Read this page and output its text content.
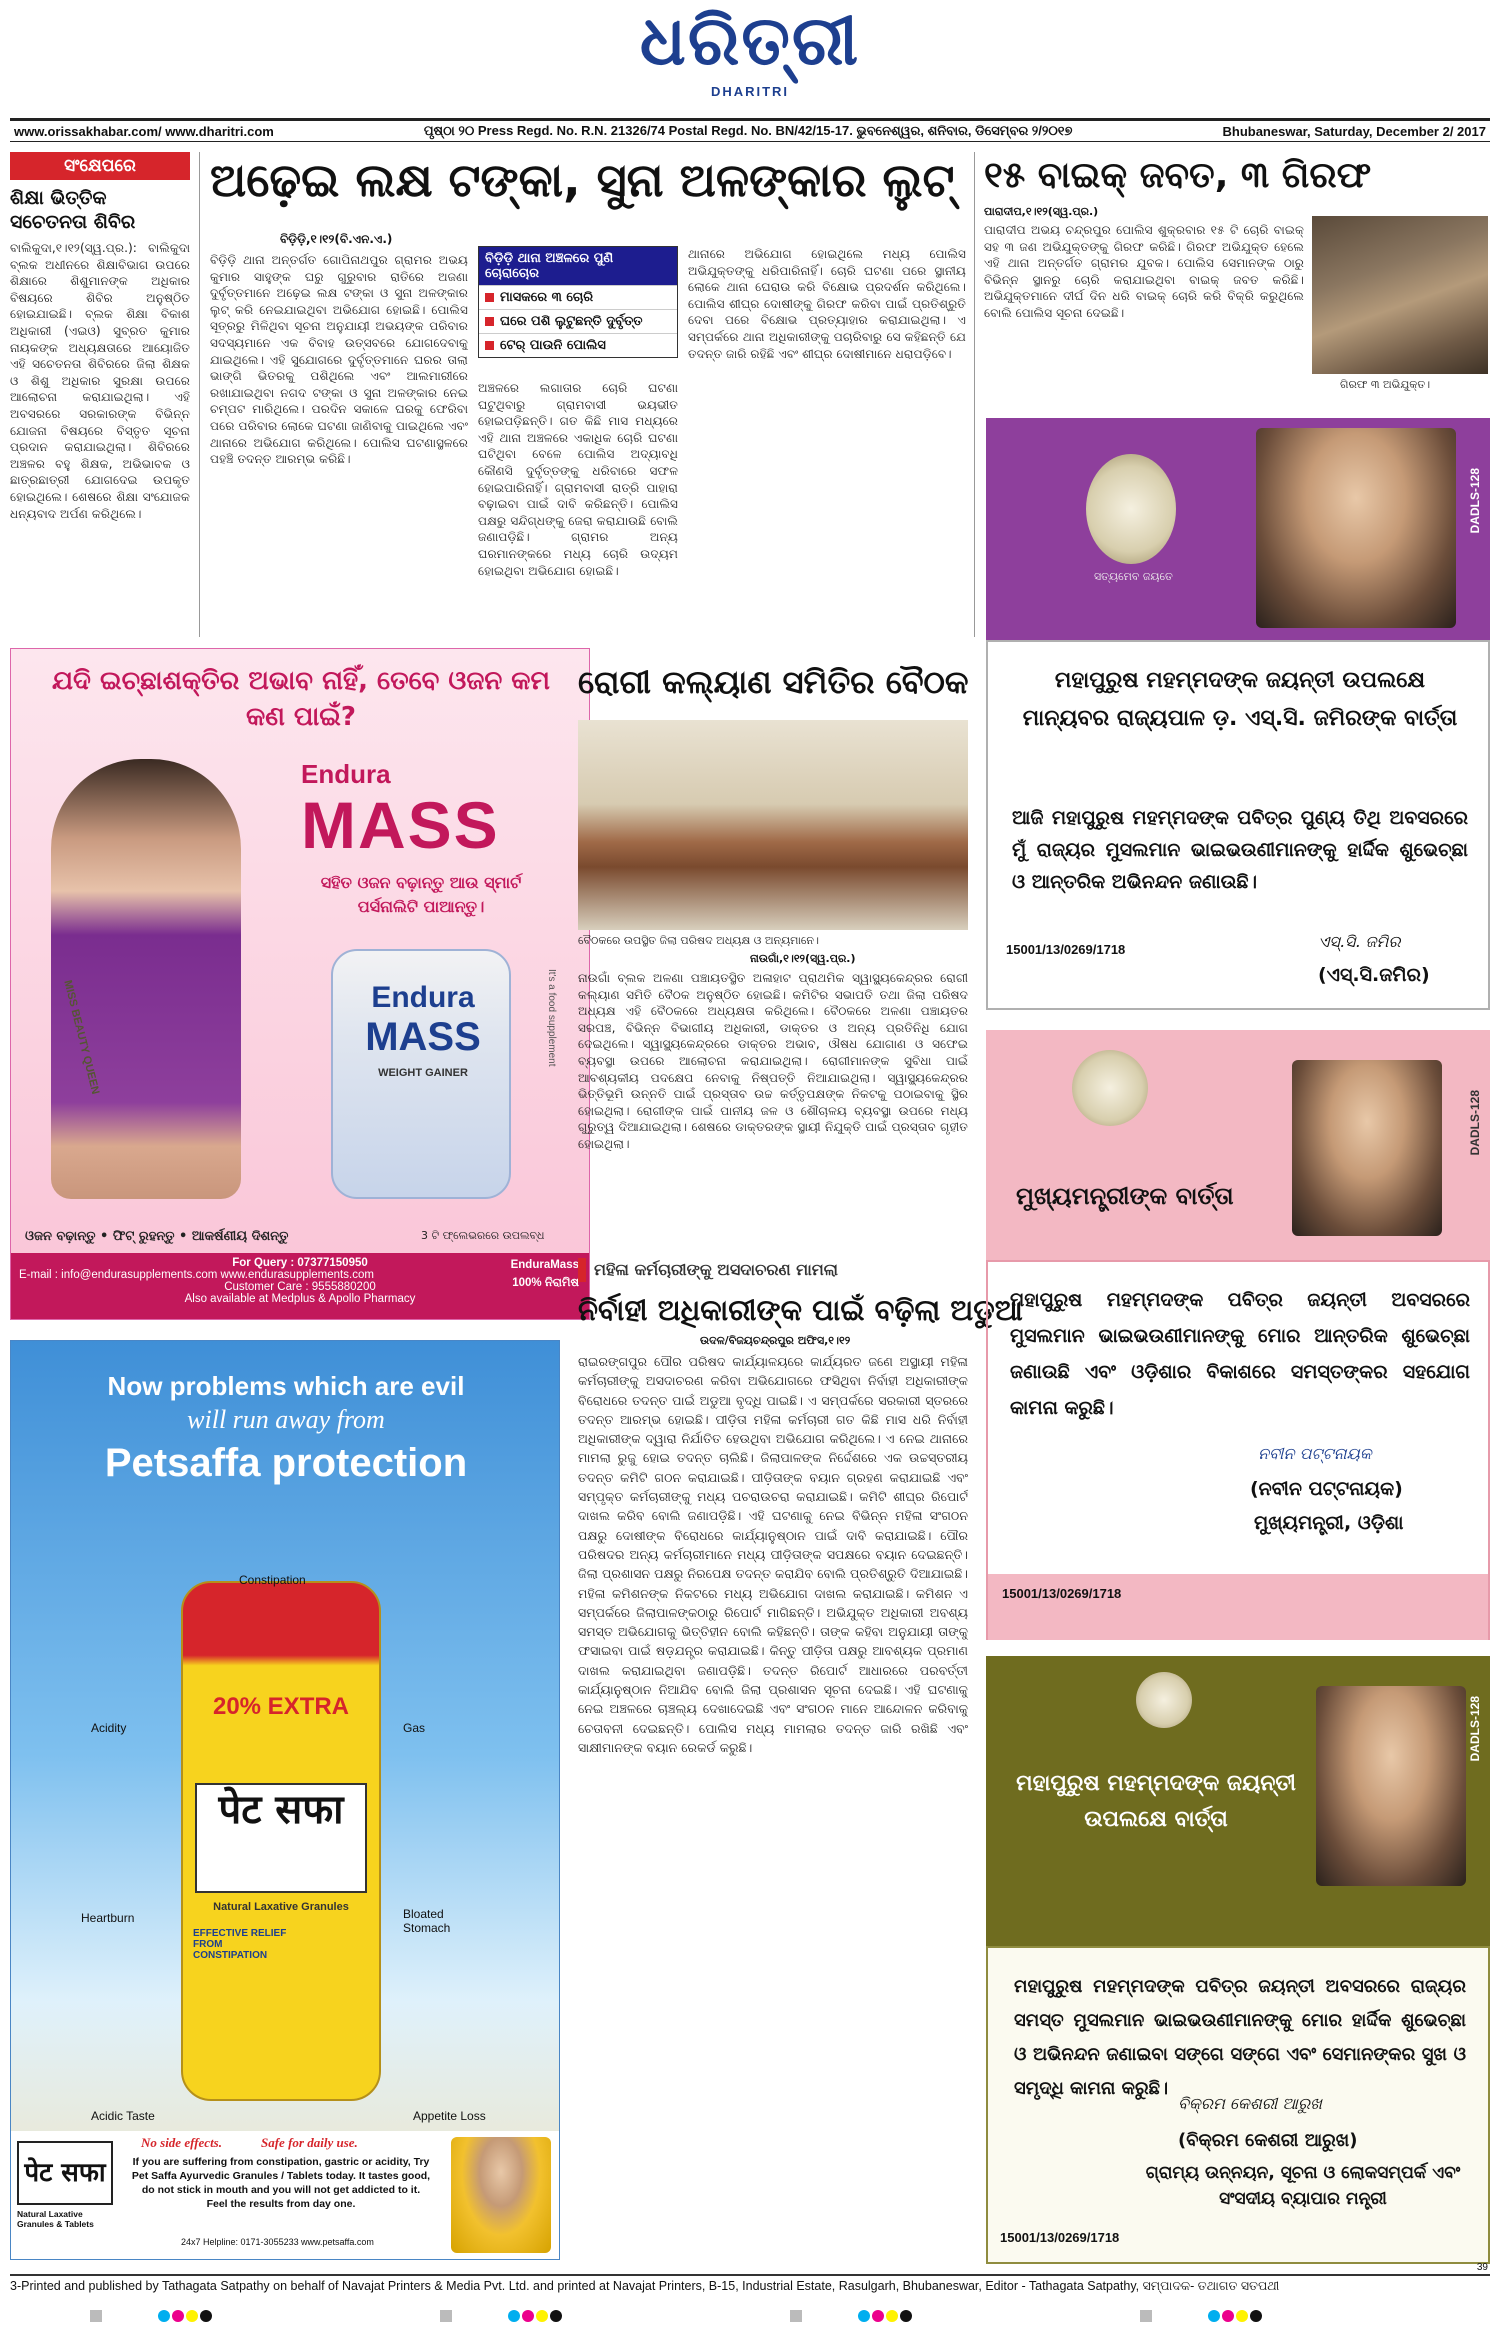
ଧରିତ୍ରୀ
DHARITRI
www.orissakhabar.com/ www.dharitri.com	ପୃଷ୍ଠା ୨୦ Press Regd. No. R.N. 21326/74 Postal Regd. No. BN/42/15-17. ଭୁବନେଶ୍ୱର, ଶନିବାର, ଡିସେମ୍ବର ୨/୨୦୧୭	Bhubaneswar, Saturday, December 2/ 2017
ସଂକ୍ଷେପରେ
ଶିକ୍ଷା ଭିତ୍ତିକ ସଚେତନତା ଶିବିର
ବାଲିକୁଦା,୧।୧୨(ସ୍ୱ.ପ୍ର.): ବାଲିକୁଦା ବ୍ଲକ ଅଧୀନରେ ଶିକ୍ଷାବିଭାଗ ଉପରେ ଶିକ୍ଷାରେ ଶିଶୁମାନଙ୍କ ଅଧିକାର ବିଷୟରେ ଶିବିର ଅନୁଷ୍ଠିତ ହୋଇଯାଇଛି। ବ୍ଲକ ଶିକ୍ଷା ବିକାଶ ଅଧିକାରୀ (ଏଇଓ) ସୁବ୍ରତ କୁମାର ନାୟକଙ୍କ ଅଧ୍ୟକ୍ଷତାରେ ଆୟୋଜିତ ଏହି ସଚେତନତା ଶିବିରରେ ଜିଲା ଶିକ୍ଷକ ଓ ଶିଶୁ ଅଧିକାର ସୁରକ୍ଷା ଉପରେ ଆଲୋଚନା କରାଯାଇଥିଲା। ଏହି ଅବସରରେ ସରକାରଙ୍କ ବିଭିନ୍ନ ଯୋଜନା ବିଷୟରେ ବିସ୍ତୃତ ସୂଚନା ପ୍ରଦାନ କରାଯାଇଥିଲା। ଶିବିରରେ ଅଞ୍ଚଳର ବହୁ ଶିକ୍ଷକ, ଅଭିଭାବକ ଓ ଛାତ୍ରଛାତ୍ରୀ ଯୋଗଦେଇ ଉପକୃତ ହୋଇଥିଲେ। ଶେଷରେ ଶିକ୍ଷା ସଂଯୋଜକ ଧନ୍ୟବାଦ ଅର୍ପଣ କରିଥିଲେ।
ଅଢ଼େଇ ଲକ୍ଷ ଟଙ୍କା, ସୁନା ଅଳଙ୍କାର ଲୁଟ୍‌
ବିଡ଼ିଡ଼ି,୧।୧୨(ବି.ଏନ.ଏ.)
ବିଡ଼ିଡ଼ି ଥାନା ଅନ୍ତର୍ଗତ ଗୋପିନାଥପୁର ଗ୍ରାମର ଅଭୟ କୁମାର ସାହୁଙ୍କ ଘରୁ ଗୁରୁବାର ରାତିରେ ଅଜଣା ଦୁର୍ବୃତ୍ତମାନେ ଅଢ଼େଇ ଲକ୍ଷ ଟଙ୍କା ଓ ସୁନା ଅଳଙ୍କାର ଲୁଟ୍ କରି ନେଇଯାଇଥିବା ଅଭିଯୋଗ ହୋଇଛି। ପୋଲିସ ସୂତ୍ରରୁ ମିଳିଥିବା ସୂଚନା ଅନୁଯାୟୀ ଅଭୟଙ୍କ ପରିବାର ସଦସ୍ୟମାନେ ଏକ ବିବାହ ଉତ୍ସବରେ ଯୋଗଦେବାକୁ ଯାଇଥିଲେ। ଏହି ସୁଯୋଗରେ ଦୁର୍ବୃତ୍ତମାନେ ଘରର ତାଲା ଭାଙ୍ଗି ଭିତରକୁ ପଶିଥିଲେ ଏବଂ ଆଲମାରୀରେ ରଖାଯାଇଥିବା ନଗଦ ଟଙ୍କା ଓ ସୁନା ଅଳଙ୍କାର ନେଇ ଚମ୍ପଟ ମାରିଥିଲେ। ପରଦିନ ସକାଳେ ଘରକୁ ଫେରିବା ପରେ ପରିବାର ଲୋକେ ଘଟଣା ଜାଣିବାକୁ ପାଇଥିଲେ ଏବଂ ଥାନାରେ ଅଭିଯୋଗ କରିଥିଲେ। ପୋଲିସ ଘଟଣାସ୍ଥଳରେ ପହଞ୍ଚି ତଦନ୍ତ ଆରମ୍ଭ କରିଛି।
ବିଡ଼ିଡ଼ି ଥାନା ଅଞ୍ଚଳରେ ପୁଣି ଚୋରାଚୋର
ମାସକରେ ୩ ଚୋରି
ଘରେ ପଶି ଲୁଟୁଛନ୍ତି ଦୁର୍ବୃତ୍ତ
ଟେର୍ ପାଉନି ପୋଲିସ
ଅଞ୍ଚଳରେ ଲଗାତାର ଚୋରି ଘଟଣା ଘଟୁଥିବାରୁ ଗ୍ରାମବାସୀ ଭୟଭୀତ ହୋଇପଡ଼ିଛନ୍ତି। ଗତ କିଛି ମାସ ମଧ୍ୟରେ ଏହି ଥାନା ଅଞ୍ଚଳରେ ଏକାଧିକ ଚୋରି ଘଟଣା ଘଟିଥିବା ବେଳେ ପୋଲିସ ଅଦ୍ୟାବଧି କୌଣସି ଦୁର୍ବୃତ୍ତଙ୍କୁ ଧରିବାରେ ସଫଳ ହୋଇପାରିନାହିଁ। ଗ୍ରାମବାସୀ ରାତ୍ରି ପାହାରା ବଢ଼ାଇବା ପାଇଁ ଦାବି କରିଛନ୍ତି। ପୋଲିସ ପକ୍ଷରୁ ସନ୍ଦିଗ୍ଧଙ୍କୁ ଜେରା କରାଯାଉଛି ବୋଲି ଜଣାପଡ଼ିଛି। ଗ୍ରାମର ଅନ୍ୟ ଘରମାନଙ୍କରେ ମଧ୍ୟ ଚୋରି ଉଦ୍ୟମ ହୋଇଥିବା ଅଭିଯୋଗ ହୋଇଛି।
ଥାନାରେ ଅଭିଯୋଗ ହୋଇଥିଲେ ମଧ୍ୟ ପୋଲିସ ଅଭିଯୁକ୍ତଙ୍କୁ ଧରିପାରିନାହିଁ। ଚୋରି ଘଟଣା ପରେ ସ୍ଥାନୀୟ ଲୋକେ ଥାନା ଘେରାଉ କରି ବିକ୍ଷୋଭ ପ୍ରଦର୍ଶନ କରିଥିଲେ। ପୋଲିସ ଶୀଘ୍ର ଦୋଷୀଙ୍କୁ ଗିରଫ କରିବା ପାଇଁ ପ୍ରତିଶ୍ରୁତି ଦେବା ପରେ ବିକ୍ଷୋଭ ପ୍ରତ୍ୟାହାର କରାଯାଇଥିଲା। ଏ ସମ୍ପର୍କରେ ଥାନା ଅଧିକାରୀଙ୍କୁ ପଚାରିବାରୁ ସେ କହିଛନ୍ତି ଯେ ତଦନ୍ତ ଜାରି ରହିଛି ଏବଂ ଶୀଘ୍ର ଦୋଷୀମାନେ ଧରାପଡ଼ିବେ।
୧୫ ବାଇକ୍ ଜବତ, ୩ ଗିରଫ
ପାରାଦୀପ,୧।୧୨(ସ୍ୱ.ପ୍ର.)
ପାରାଦୀପ ଅଭୟ ଚନ୍ଦ୍ରପୁର ପୋଲିସ ଶୁକ୍ରବାର ୧୫ ଟି ଚୋରି ବାଇକ୍ ସହ ୩ ଜଣ ଅଭିଯୁକ୍ତଙ୍କୁ ଗିରଫ କରିଛି। ଗିରଫ ଅଭିଯୁକ୍ତ ହେଲେ ଏହି ଥାନା ଅନ୍ତର୍ଗତ ଗ୍ରାମର ଯୁବକ। ପୋଲିସ ସେମାନଙ୍କ ଠାରୁ ବିଭିନ୍ନ ସ୍ଥାନରୁ ଚୋରି କରାଯାଇଥିବା ବାଇକ୍ ଜବତ କରିଛି। ଅଭିଯୁକ୍ତମାନେ ଦୀର୍ଘ ଦିନ ଧରି ବାଇକ୍ ଚୋରି କରି ବିକ୍ରି କରୁଥିଲେ ବୋଲି ପୋଲିସ ସୂଚନା ଦେଇଛି।
ଗିରଫ ୩ ଅଭିଯୁକ୍ତ।
ସତ୍ୟମେବ ଜୟତେ
DADLS-128
ମହାପୁରୁଷ ମହମ୍ମଦଙ୍କ ଜୟନ୍ତୀ ଉପଲକ୍ଷେ ମାନ୍ୟବର ରାଜ୍ୟପାଳ ଡ଼. ଏସ୍.ସି. ଜମିରଙ୍କ ବାର୍ତ୍ତା
ଆଜି ମହାପୁରୁଷ ମହମ୍ମଦଙ୍କ ପବିତ୍ର ପୁଣ୍ୟ ତିଥି ଅବସରରେ ମୁଁ ରାଜ୍ୟର ମୁସଲମାନ ଭାଇଭଉଣୀମାନଙ୍କୁ ହାର୍ଦ୍ଦିକ ଶୁଭେଚ୍ଛା ଓ ଆନ୍ତରିକ ଅଭିନନ୍ଦନ ଜଣାଉଛି।
ଏସ୍.ସି. ଜମିର
(ଏସ୍.ସି.ଜମିର)
15001/13/0269/1718
ଯଦି ଇଚ୍ଛାଶକ୍ତିର ଅଭାବ ନାହିଁ, ତେବେ ଓଜନ କମ କଣ ପାଇଁ?
MISS BEAUTY QUEEN
Endura
MASS
ସହିତ ଓଜନ ବଢ଼ାନ୍ତୁ ଆଉ ସ୍ମାର୍ଟ ପର୍ସନାଲିଟି ପାଆନ୍ତୁ।
Endura
MASS
WEIGHT GAINER
It's a food supplement
ଓଜନ ବଢ଼ାନ୍ତୁ • ଫିଟ୍ ରୁହନ୍ତୁ • ଆକର୍ଷଣୀୟ ଦିଶନ୍ତୁ	3 ଟି ଫ୍ଲେଭରରେ ଉପଲବ୍ଧ
For Query : 07377150950
E-mail : info@endurasupplements.com www.endurasupplements.com
Customer Care : 9555880200
Also available at Medplus & Apollo Pharmacy
EnduraMass
100% ନିରାମିଷ
ରୋଗୀ କଲ୍ୟାଣ ସମିତିର ବୈଠକ
ବୈଠକରେ ଉପସ୍ଥିତ ଜିଲା ପରିଷଦ ଅଧ୍ୟକ୍ଷ ଓ ଅନ୍ୟମାନେ।
ନାଉଗାଁ,୧।୧୨(ସ୍ୱ.ପ୍ର.)
ନାଉଗାଁ ବ୍ଲକ ଅଳଣା ପଞ୍ଚାୟତସ୍ଥିତ ଅଳାହାଟ ପ୍ରାଥମିକ ସ୍ୱାସ୍ଥ୍ୟକେନ୍ଦ୍ରର ରୋଗୀ କଲ୍ୟାଣ ସମିତି ବୈଠକ ଅନୁଷ୍ଠିତ ହୋଇଛି। କମିଟିର ସଭାପତି ତଥା ଜିଲା ପରିଷଦ ଅଧ୍ୟକ୍ଷ ଏହି ବୈଠକରେ ଅଧ୍ୟକ୍ଷତା କରିଥିଲେ। ବୈଠକରେ ଅଳଣା ପଞ୍ଚାୟତର ସରପଞ୍ଚ, ବିଭିନ୍ନ ବିଭାଗୀୟ ଅଧିକାରୀ, ଡାକ୍ତର ଓ ଅନ୍ୟ ପ୍ରତିନିଧି ଯୋଗ ଦେଇଥିଲେ। ସ୍ୱାସ୍ଥ୍ୟକେନ୍ଦ୍ରରେ ଡାକ୍ତର ଅଭାବ, ଔଷଧ ଯୋଗାଣ ଓ ସଫେଇ ବ୍ୟବସ୍ଥା ଉପରେ ଆଲୋଚନା କରାଯାଇଥିଲା। ରୋଗୀମାନଙ୍କ ସୁବିଧା ପାଇଁ ଆବଶ୍ୟକୀୟ ପଦକ୍ଷେପ ନେବାକୁ ନିଷ୍ପତ୍ତି ନିଆଯାଇଥିଲା। ସ୍ୱାସ୍ଥ୍ୟକେନ୍ଦ୍ରର ଭିତ୍ତିଭୂମି ଉନ୍ନତି ପାଇଁ ପ୍ରସ୍ତାବ ଉଚ୍ଚ କର୍ତ୍ତୃପକ୍ଷଙ୍କ ନିକଟକୁ ପଠାଇବାକୁ ସ୍ଥିର ହୋଇଥିଲା। ରୋଗୀଙ୍କ ପାଇଁ ପାନୀୟ ଜଳ ଓ ଶୌଚାଳୟ ବ୍ୟବସ୍ଥା ଉପରେ ମଧ୍ୟ ଗୁରୁତ୍ୱ ଦିଆଯାଇଥିଲା। ଶେଷରେ ଡାକ୍ତରଙ୍କ ସ୍ଥାୟୀ ନିଯୁକ୍ତି ପାଇଁ ପ୍ରସ୍ତାବ ଗୃହୀତ ହୋଇଥିଲା।
ମହିଳା କର୍ମଚାରୀଙ୍କୁ ଅସଦାଚରଣ ମାମଲା
ନିର୍ବାହୀ ଅଧିକାରୀଙ୍କ ପାଇଁ ବଢ଼ିଲା ଅଡୁଆ
ଉଦଳ/ବିଜୟଚନ୍ଦ୍ରପୁର ଅଫିସ,୧।୧୨
ରାଇରଙ୍ଗପୁର ପୌର ପରିଷଦ କାର୍ଯ୍ୟାଳୟରେ କାର୍ଯ୍ୟରତ ଜଣେ ଅସ୍ଥାୟୀ ମହିଳା କର୍ମଚାରୀଙ୍କୁ ଅସଦାଚରଣ କରିବା ଅଭିଯୋଗରେ ଫସିଥିବା ନିର୍ବାହୀ ଅଧିକାରୀଙ୍କ ବିରୋଧରେ ତଦନ୍ତ ପାଇଁ ଅଡୁଆ ବୃଦ୍ଧି ପାଇଛି। ଏ ସମ୍ପର୍କରେ ସରକାରୀ ସ୍ତରରେ ତଦନ୍ତ ଆରମ୍ଭ ହୋଇଛି। ପୀଡ଼ିତା ମହିଳା କର୍ମଚାରୀ ଗତ କିଛି ମାସ ଧରି ନିର୍ବାହୀ ଅଧିକାରୀଙ୍କ ଦ୍ୱାରା ନିର୍ଯାତିତ ହେଉଥିବା ଅଭିଯୋଗ କରିଥିଲେ। ଏ ନେଇ ଥାନାରେ ମାମଲା ରୁଜୁ ହୋଇ ତଦନ୍ତ ଚାଲିଛି। ଜିଲାପାଳଙ୍କ ନିର୍ଦ୍ଦେଶରେ ଏକ ଉଚ୍ଚସ୍ତରୀୟ ତଦନ୍ତ କମିଟି ଗଠନ କରାଯାଇଛି। ପୀଡ଼ିତାଙ୍କ ବୟାନ ଗ୍ରହଣ କରାଯାଇଛି ଏବଂ ସମ୍ପୃକ୍ତ କର୍ମଚାରୀଙ୍କୁ ମଧ୍ୟ ପଚରାଉଚରା କରାଯାଇଛି। କମିଟି ଶୀଘ୍ର ରିପୋର୍ଟ ଦାଖଲ କରିବ ବୋଲି ଜଣାପଡ଼ିଛି। ଏହି ଘଟଣାକୁ ନେଇ ବିଭିନ୍ନ ମହିଳା ସଂଗଠନ ପକ୍ଷରୁ ଦୋଷୀଙ୍କ ବିରୋଧରେ କାର୍ଯ୍ୟାନୁଷ୍ଠାନ ପାଇଁ ଦାବି କରାଯାଇଛି। ପୌର ପରିଷଦର ଅନ୍ୟ କର୍ମଚାରୀମାନେ ମଧ୍ୟ ପୀଡ଼ିତାଙ୍କ ସପକ୍ଷରେ ବୟାନ ଦେଇଛନ୍ତି। ଜିଲା ପ୍ରଶାସନ ପକ୍ଷରୁ ନିରପେକ୍ଷ ତଦନ୍ତ କରାଯିବ ବୋଲି ପ୍ରତିଶ୍ରୁତି ଦିଆଯାଇଛି। ମହିଳା କମିଶନଙ୍କ ନିକଟରେ ମଧ୍ୟ ଅଭିଯୋଗ ଦାଖଲ କରାଯାଇଛି। କମିଶନ ଏ ସମ୍ପର୍କରେ ଜିଲାପାଳଙ୍କଠାରୁ ରିପୋର୍ଟ ମାଗିଛନ୍ତି। ଅଭିଯୁକ୍ତ ଅଧିକାରୀ ଅବଶ୍ୟ ସମସ୍ତ ଅଭିଯୋଗକୁ ଭିତ୍ତିହୀନ ବୋଲି କହିଛନ୍ତି। ତାଙ୍କ କହିବା ଅନୁଯାୟୀ ତାଙ୍କୁ ଫସାଇବା ପାଇଁ ଷଡ଼ଯନ୍ତ୍ର କରାଯାଇଛି। କିନ୍ତୁ ପୀଡ଼ିତା ପକ୍ଷରୁ ଆବଶ୍ୟକ ପ୍ରମାଣ ଦାଖଲ କରାଯାଇଥିବା ଜଣାପଡ଼ିଛି। ତଦନ୍ତ ରିପୋର୍ଟ ଆଧାରରେ ପରବର୍ତ୍ତୀ କାର୍ଯ୍ୟାନୁଷ୍ଠାନ ନିଆଯିବ ବୋଲି ଜିଲା ପ୍ରଶାସନ ସୂଚନା ଦେଇଛି। ଏହି ଘଟଣାକୁ ନେଇ ଅଞ୍ଚଳରେ ଚାଞ୍ଚଲ୍ୟ ଦେଖାଦେଇଛି ଏବଂ ସଂଗଠନ ମାନେ ଆନ୍ଦୋଳନ କରିବାକୁ ଚେତାବନୀ ଦେଇଛନ୍ତି। ପୋଲିସ ମଧ୍ୟ ମାମଲାର ତଦନ୍ତ ଜାରି ରଖିଛି ଏବଂ ସାକ୍ଷୀମାନଙ୍କ ବୟାନ ରେକର୍ଡ କରୁଛି।
Now problems which are evil
will run away from
Petsaffa protection
20% EXTRA
पेट सफा
Natural Laxative Granules
EFFECTIVE RELIEF FROM CONSTIPATION
Constipation
Acidity	Gas
Heartburn	Bloated Stomach
Acidic Taste	Appetite Loss
पेट सफा
Natural Laxative Granules & Tablets
No side effects.	Safe for daily use.
If you are suffering from constipation, gastric or acidity, Try Pet Saffa Ayurvedic Granules / Tablets today. It tastes good, do not stick in mouth and you will not get addicted to it. Feel the results from day one.
24x7 Helpline: 0171-3055233 www.petsaffa.com
ମୁଖ୍ୟମନ୍ତ୍ରୀଙ୍କ ବାର୍ତ୍ତା
DADLS-128
ମହାପୁରୁଷ ମହମ୍ମଦଙ୍କ ପବିତ୍ର ଜୟନ୍ତୀ ଅବସରରେ ମୁସଲମାନ ଭାଇଭଉଣୀମାନଙ୍କୁ ମୋର ଆନ୍ତରିକ ଶୁଭେଚ୍ଛା ଜଣାଉଛି ଏବଂ ଓଡ଼ିଶାର ବିକାଶରେ ସମସ୍ତଙ୍କର ସହଯୋଗ କାମନା କରୁଛି।
ନବୀନ ପଟ୍ଟନାୟକ
(ନବୀନ ପଟ୍ଟନାୟକ)
ମୁଖ୍ୟମନ୍ତ୍ରୀ, ଓଡ଼ିଶା
15001/13/0269/1718
ମହାପୁରୁଷ ମହମ୍ମଦଙ୍କ ଜୟନ୍ତୀ ଉପଲକ୍ଷେ ବାର୍ତ୍ତା
DADLS-128
ମହାପୁରୁଷ ମହମ୍ମଦଙ୍କ ପବିତ୍ର ଜୟନ୍ତୀ ଅବସରରେ ରାଜ୍ୟର ସମସ୍ତ ମୁସଲମାନ ଭାଇଭଉଣୀମାନଙ୍କୁ ମୋର ହାର୍ଦ୍ଦିକ ଶୁଭେଚ୍ଛା ଓ ଅଭିନନ୍ଦନ ଜଣାଇବା ସଙ୍ଗେ ସଙ୍ଗେ ଏବଂ ସେମାନଙ୍କର ସୁଖ ଓ ସମୃଦ୍ଧି କାମନା କରୁଛି।
ବିକ୍ରମ କେଶରୀ ଆରୁଖ
(ବିକ୍ରମ କେଶରୀ ଆରୁଖ)
ଗ୍ରାମ୍ୟ ଉନ୍ନୟନ, ସୂଚନା ଓ ଲୋକସମ୍ପର୍କ ଏବଂ ସଂସଦୀୟ ବ୍ୟାପାର ମନ୍ତ୍ରୀ
15001/13/0269/1718
3-Printed and published by Tathagata Satpathy on behalf of Navajat Printers & Media Pvt. Ltd. and printed at Navajat Printers, B-15, Industrial Estate, Rasulgarh, Bhubaneswar, Editor - Tathagata Satpathy, ସମ୍ପାଦକ- ତଥାଗତ ସତପଥୀ
39
